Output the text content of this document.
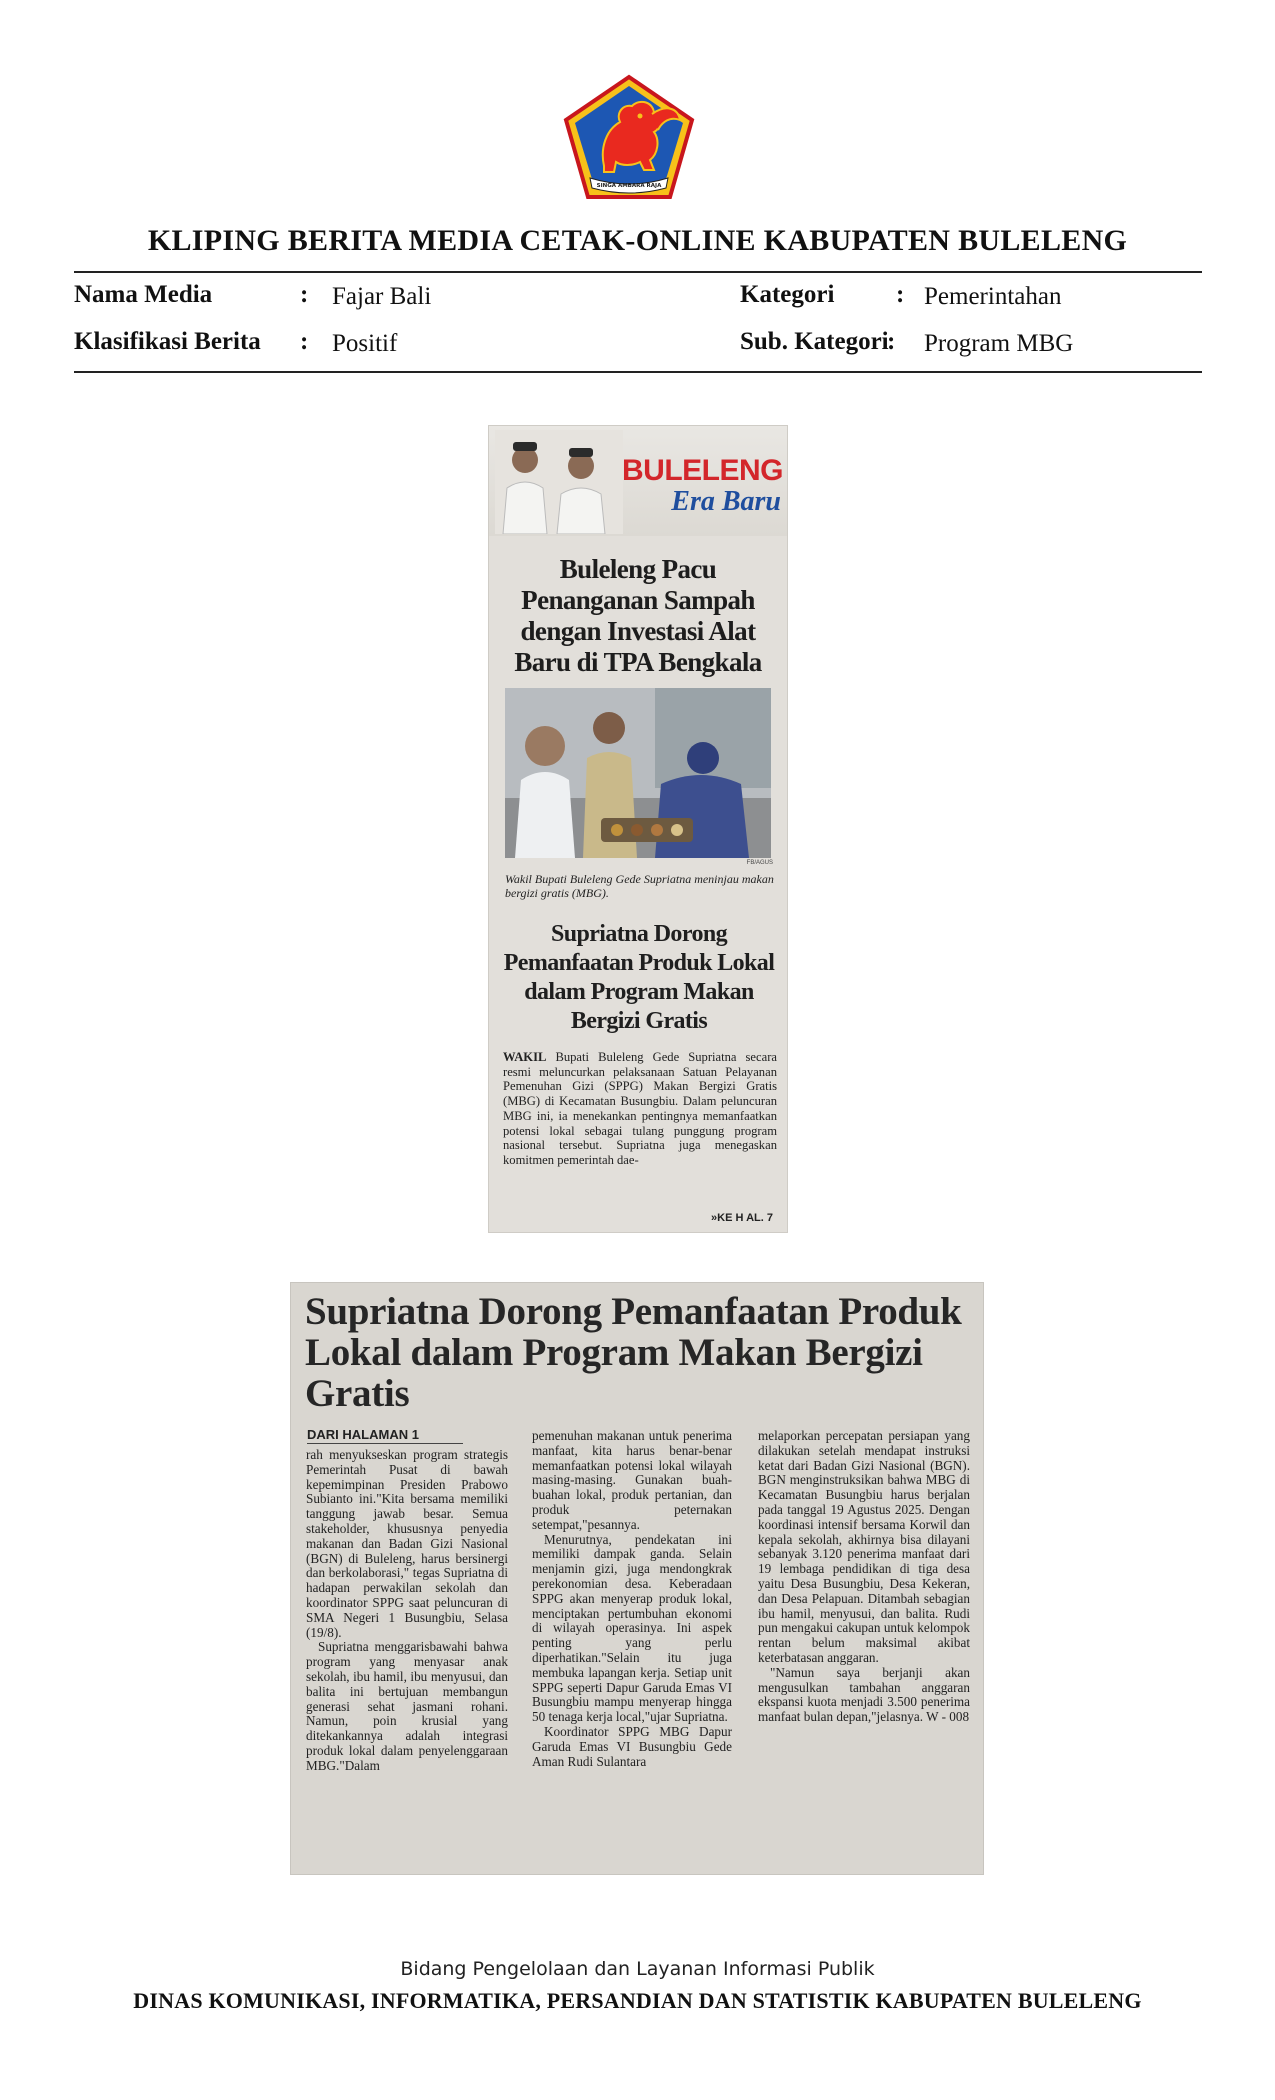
SINGA AMBARA RAJA
KLIPING BERITA MEDIA CETAK-ONLINE KABUPATEN BULELENG
Nama Media	: Fajar Bali
Klasifikasi Berita : Positif
Kategori : Pemerintahan
Sub. Kategori
: Program MBG
BULELENG
Era Baru
Buleleng Pacu Penanganan Sampah dengan Investasi Alat Baru di TPA Bengkala
FB/AGUS
Wakil Bupati Buleleng Gede Supriatna meninjau makan bergizi gratis (MBG).
Supriatna Dorong Pemanfaatan Produk Lokal dalam Program Makan Bergizi Gratis
WAKIL Bupati Buleleng Gede Supriatna secara resmi meluncurkan pelaksanaan Satuan Pelayanan Pemenuhan Gizi (SPPG) Makan Bergizi Gratis (MBG) di Kecamatan Busungbiu. Dalam peluncuran MBG ini, ia menekankan pentingnya memanfaatkan potensi lokal sebagai tulang punggung program nasional tersebut. Supriatna juga menegaskan komitmen pemerintah dae-
»KE H AL. 7
Supriatna Dorong Pemanfaatan Produk Lokal dalam Program Makan Bergizi Gratis
DARI HALAMAN 1

rah menyukseskan program strategis Pemerintah Pusat di bawah kepemimpinan Presiden Prabowo Subianto ini."Kita bersama memiliki tanggung jawab besar. Semua stakeholder, khususnya penyedia makanan dan Badan Gizi Nasional (BGN) di Buleleng, harus bersinergi dan berkolaborasi," tegas Supriatna di hadapan perwakilan sekolah dan koordinator SPPG saat peluncuran di SMA Negeri 1 Busungbiu, Selasa (19/8).

Supriatna menggarisbawahi bahwa program yang menyasar anak sekolah, ibu hamil, ibu menyusui, dan balita ini bertujuan membangun generasi sehat jasmani rohani. Namun, poin krusial yang ditekankannya adalah integrasi produk lokal dalam penyelenggaraan MBG."Dalam

pemenuhan makanan untuk penerima manfaat, kita harus benar-benar memanfaatkan potensi lokal wilayah masing-masing. Gunakan buah-buahan lokal, produk pertanian, dan produk peternakan setempat,"pesannya.

Menurutnya, pendekatan ini memiliki dampak ganda. Selain menjamin gizi, juga mendongkrak perekonomian desa. Keberadaan SPPG akan menyerap produk lokal, menciptakan pertumbuhan ekonomi di wilayah operasinya. Ini aspek penting yang perlu diperhatikan."Selain itu juga membuka lapangan kerja. Setiap unit SPPG seperti Dapur Garuda Emas VI Busungbiu mampu menyerap hingga 50 tenaga kerja local,"ujar Supriatna.

Koordinator SPPG MBG Dapur Garuda Emas VI Busungbiu Gede Aman Rudi Sulantara

melaporkan percepatan persiapan yang dilakukan setelah mendapat instruksi ketat dari Badan Gizi Nasional (BGN). BGN menginstruksikan bahwa MBG di Kecamatan Busungbiu harus berjalan pada tanggal 19 Agustus 2025. Dengan koordinasi intensif bersama Korwil dan kepala sekolah, akhirnya bisa dilayani sebanyak 3.120 penerima manfaat dari 19 lembaga pendidikan di tiga desa yaitu Desa Busungbiu, Desa Kekeran, dan Desa Pelapuan. Ditambah sebagian ibu hamil, menyusui, dan balita. Rudi pun mengakui cakupan untuk kelompok rentan belum maksimal akibat keterbatasan anggaran.

"Namun saya berjanji akan mengusulkan tambahan anggaran ekspansi kuota menjadi 3.500 penerima manfaat bulan depan,"jelasnya. W - 008

Bidang Pengelolaan dan Layanan Informasi Publik
DINAS KOMUNIKASI, INFORMATIKA, PERSANDIAN DAN STATISTIK KABUPATEN BULELENG
